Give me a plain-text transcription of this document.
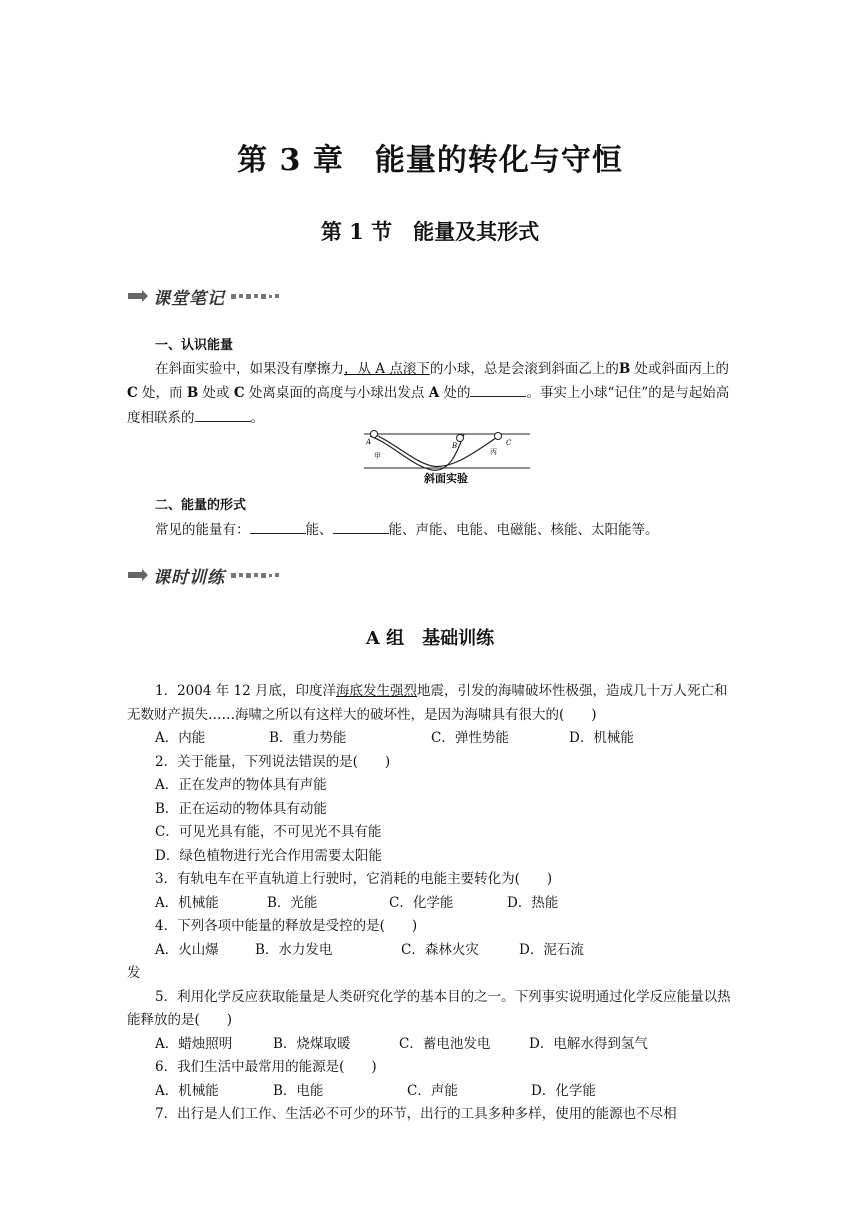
第 3 章　能量的转化与守恒
第 1 节　能量及其形式
课堂笔记
一、认识能量
在斜面实验中，如果没有摩擦力，从 A 点滚下的小球，总是会滚到斜面乙上的B 处或斜面丙上的 C 处，而 B 处或 C 处离桌面的高度与小球出发点 A 处的	。事实上小球“记住”的是与起始高度相联系的	。
A	B	C
甲	丙
斜面实验
二、能量的形式
常见的能量有：	能、	能、声能、电能、电磁能、核能、太阳能等。
课时训练
A 组　基础训练
1．2004 年 12 月底，印度洋海底发生强烈地震，引发的海啸破坏性极强，造成几十万人死亡和无数财产损失……海啸之所以有这样大的破坏性，是因为海啸具有很大的(　　)
A．内能	B．重力势能	C．弹性势能	D．机械能
2．关于能量，下列说法错误的是(　　)
A．正在发声的物体具有声能
B．正在运动的物体具有动能
C．可见光具有能，不可见光不具有能
D．绿色植物进行光合作用需要太阳能
3．有轨电车在平直轨道上行驶时，它消耗的电能主要转化为(　　)
A．机械能	B．光能	C．化学能	D．热能
4．下列各项中能量的释放是受控的是(　　)
A．火山爆发
B．水力发电	C．森林火灾	D．泥石流
5．利用化学反应获取能量是人类研究化学的基本目的之一。下列事实说明通过化学反应能量以热能释放的是(　　)
A．蜡烛照明	B．烧煤取暖	C．蓄电池发电	D．电解水得到氢气
6．我们生活中最常用的能源是(　　)
A．机械能	B．电能	C．声能	D．化学能
7．出行是人们工作、生活必不可少的环节，出行的工具多种多样，使用的能源也不尽相
